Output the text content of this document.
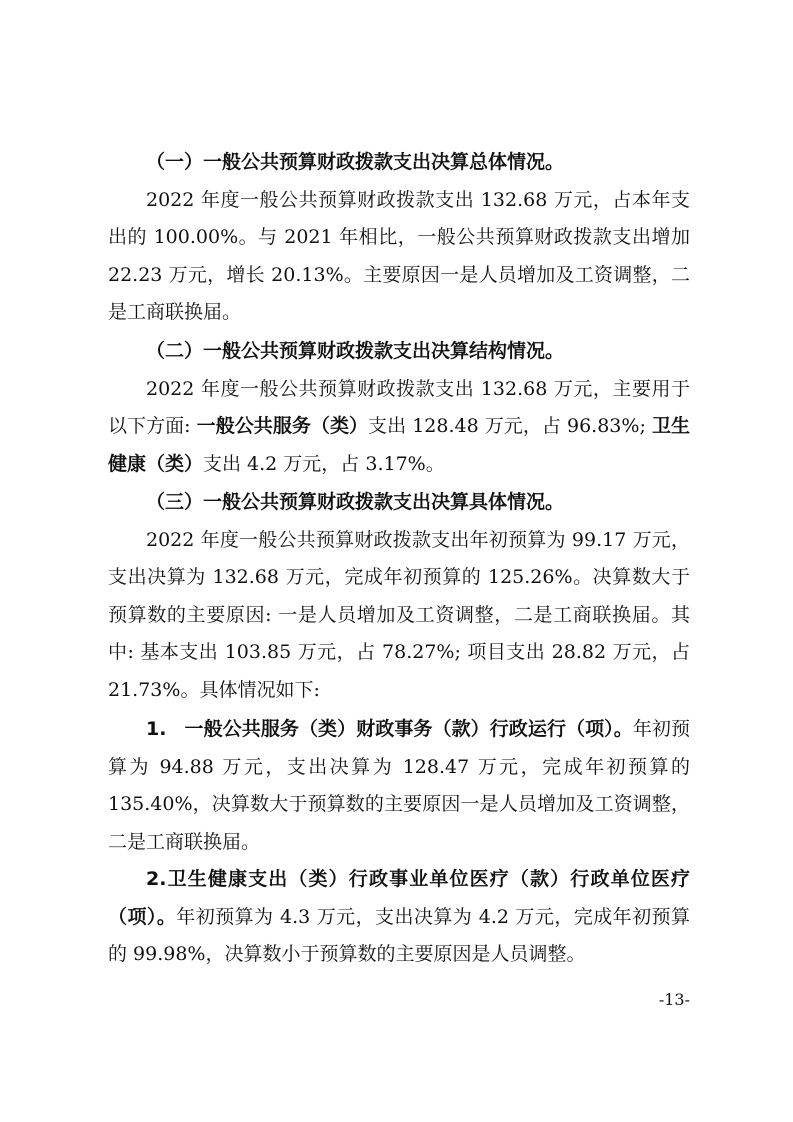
（一）一般公共预算财政拨款支出决算总体情况。

2022 年度一般公共预算财政拨款支出 132.68 万元，占本年支出的 100.00%。与 2021 年相比，一般公共预算财政拨款支出增加 22.23 万元，增长 20.13%。主要原因一是人员增加及工资调整，二是工商联换届。

（二）一般公共预算财政拨款支出决算结构情况。

2022 年度一般公共预算财政拨款支出 132.68 万元，主要用于以下方面: 一般公共服务（类）支出 128.48 万元，占 96.83%; 卫生健康（类）支出 4.2 万元，占 3.17%。

（三）一般公共预算财政拨款支出决算具体情况。

2022 年度一般公共预算财政拨款支出年初预算为 99.17 万元，支出决算为 132.68 万元，完成年初预算的 125.26%。决算数大于预算数的主要原因: 一是人员增加及工资调整，二是工商联换届。其中: 基本支出 103.85 万元，占 78.27%; 项目支出 28.82 万元，占 21.73%。具体情况如下:

1. 一般公共服务（类）财政事务（款）行政运行（项）。年初预算为 94.88 万元，支出决算为 128.47 万元，完成年初预算的 135.40%，决算数大于预算数的主要原因一是人员增加及工资调整，二是工商联换届。

2.卫生健康支出（类）行政事业单位医疗（款）行政单位医疗（项）。年初预算为 4.3 万元，支出决算为 4.2 万元，完成年初预算的 99.98%，决算数小于预算数的主要原因是人员调整。

-13-
